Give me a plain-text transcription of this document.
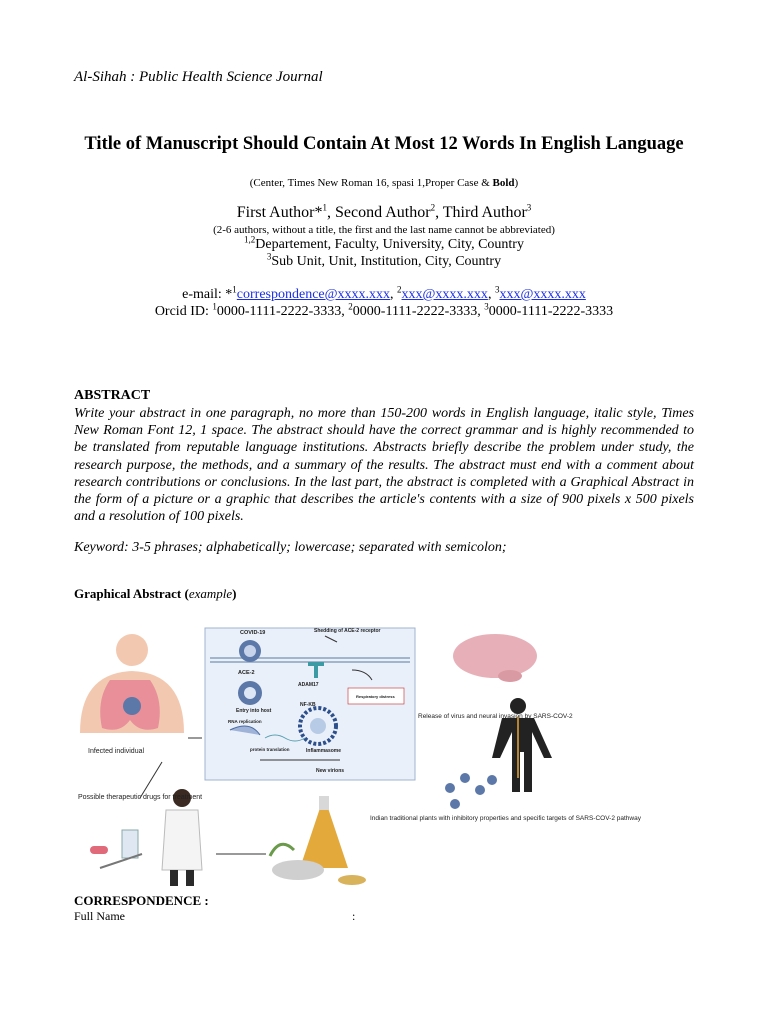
Al-Sihah : Public Health Science Journal
Title of Manuscript Should Contain At Most 12 Words In English Language
(Center, Times New Roman 16, spasi 1,Proper Case & Bold)
First Author*$^1$, Second Author$^2$, Third Author$^3$
(2-6 authors, without a title, the first and the last name cannot be abbreviated)
$^{1,2}$Departement, Faculty, University, City, Country
$^3$Sub Unit, Unit, Institution, City, Country
e-mail: *$^1$correspondence@xxxx.xxx, $^2$xxx@xxxx.xxx, $^3$xxx@xxxx.xxx
Orcid ID: $^1$0000-1111-2222-3333, $^2$0000-1111-2222-3333, $^3$0000-1111-2222-3333
ABSTRACT
Write your abstract in one paragraph, no more than 150-200 words in English language, italic style, Times New Roman Font 12, 1 space. The abstract should have the correct grammar and is highly recommended to be translated from reputable language institutions. Abstracts briefly describe the problem under study, the research purpose, the methods, and a summary of the results. The abstract must end with a comment about research contributions or conclusions. In the last part, the abstract is completed with a Graphical Abstract in the form of a picture or a graphic that describes the article's contents with a size of 900 pixels x 500 pixels and a resolution of 100 pixels.
Keyword: 3-5 phrases; alphabetically; lowercase; separated with semicolon;
Graphical Abstract (example)
COVID-19	Shedding of ACE-2 receptor
ACE-2
Entry into host
ADAM17
Respiratory distress
NF-KB
RNA replication
protein translation	Inflammasome
New virions
Infected individual
Release of virus and neural invasion by SARS-COV-2
Possible therapeutic drugs for treatment
Indian traditional plants with inhibitory properties and specific targets of SARS-COV-2 pathway
CORRESPONDENCE :
Full Name	:
